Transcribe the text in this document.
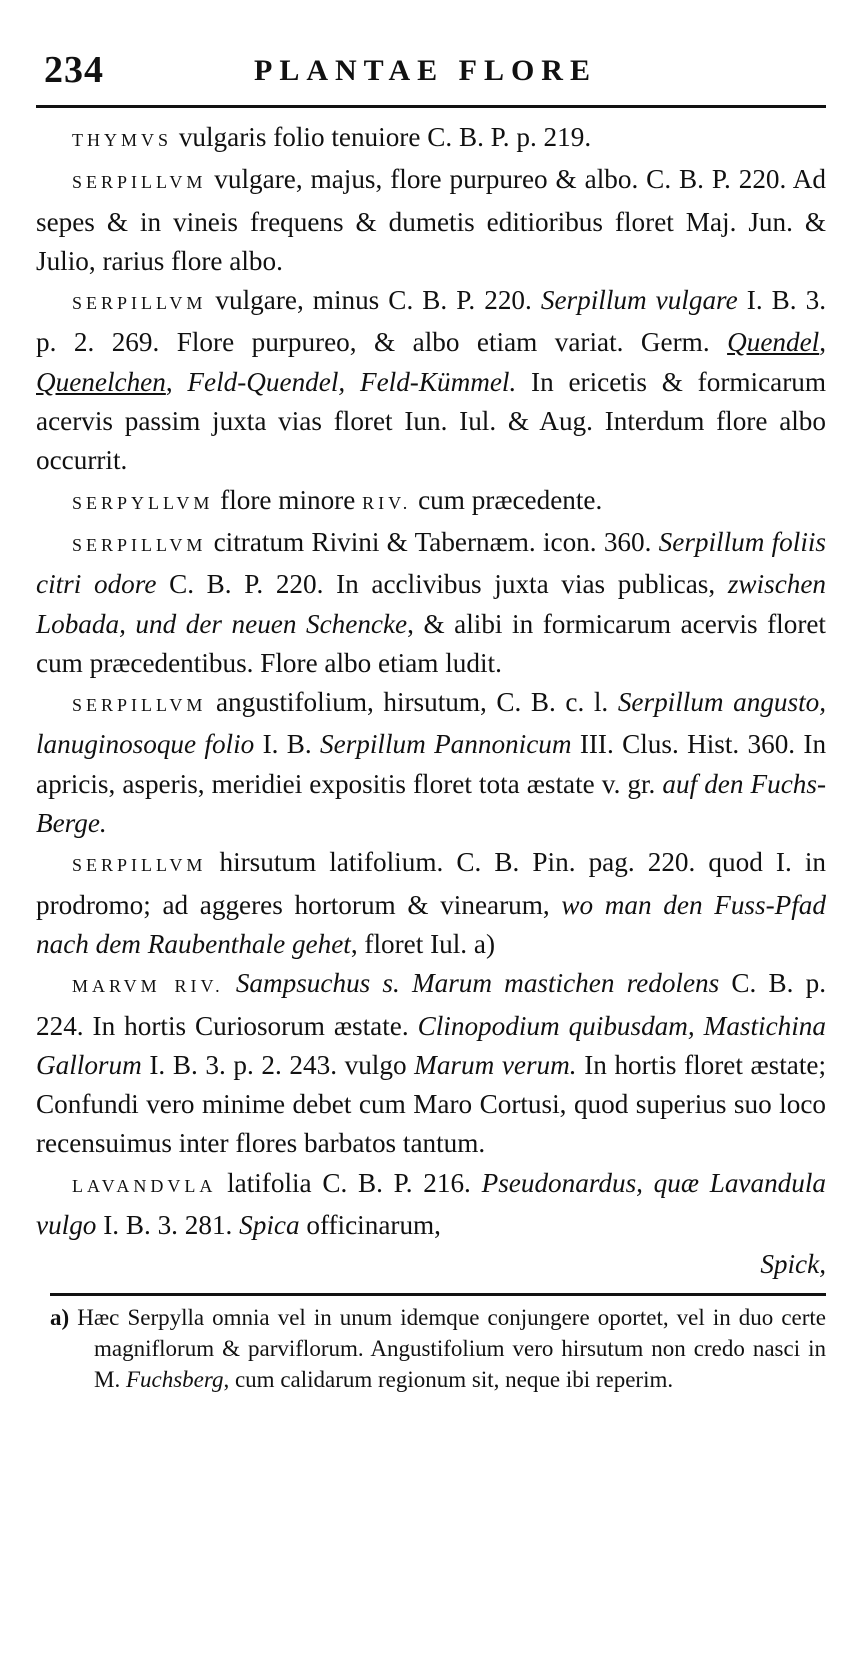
234	PLANTAE FLORE

THYMVS vulgaris folio tenuiore C. B. P. p. 219.

SERPILLVM vulgare, majus, flore purpureo & albo. C. B. P. 220. Ad sepes & in vineis frequens & dumetis editioribus floret Maj. Jun. & Julio, rarius flore albo.

SERPILLVM vulgare, minus C. B. P. 220. Serpillum vulgare I. B. 3. p. 2. 269. Flore purpureo, & albo etiam variat. Germ. Quendel, Quenelchen, Feld-Quendel, Feld-Kümmel. In ericetis & formicarum acervis passim juxta vias floret Iun. Iul. & Aug. Interdum flore albo occurrit.

SERPYLLVM flore minore RIV. cum præcedente.

SERPILLVM citratum Rivini & Tabernæm. icon. 360. Serpillum foliis citri odore C. B. P. 220. In acclivibus juxta vias publicas, zwischen Lobada, und der neuen Schencke, & alibi in formicarum acervis floret cum præcedentibus. Flore albo etiam ludit.

SERPILLVM angustifolium, hirsutum, C. B. c. l. Serpillum angusto, lanuginosoque folio I. B. Serpillum Pannonicum III. Clus. Hist. 360. In apricis, asperis, meridiei expositis floret tota æstate v. gr. auf den Fuchs-Berge.

SERPILLVM hirsutum latifolium. C. B. Pin. pag. 220. quod I. in prodromo; ad aggeres hortorum & vinearum, wo man den Fuss-Pfad nach dem Raubenthale gehet, floret Iul. a)

MARVM RIV. Sampsuchus s. Marum mastichen redolens C. B. p. 224. In hortis Curiosorum æstate. Clinopodium quibusdam, Mastichina Gallorum I. B. 3. p. 2. 243. vulgo Marum verum. In hortis floret æstate; Confundi vero minime debet cum Maro Cortusi, quod superius suo loco recensuimus inter flores barbatos tantum.

LAVANDVLA latifolia C. B. P. 216. Pseudonardus, quæ Lavandula vulgo I. B. 3. 281. Spica officinarum,

Spick,

a) Hæc Serpylla omnia vel in unum idemque conjungere oportet, vel in duo certe magniflorum & parviflorum. Angustifolium vero hirsutum non credo nasci in M. Fuchsberg, cum calidarum regionum sit, neque ibi reperim.
